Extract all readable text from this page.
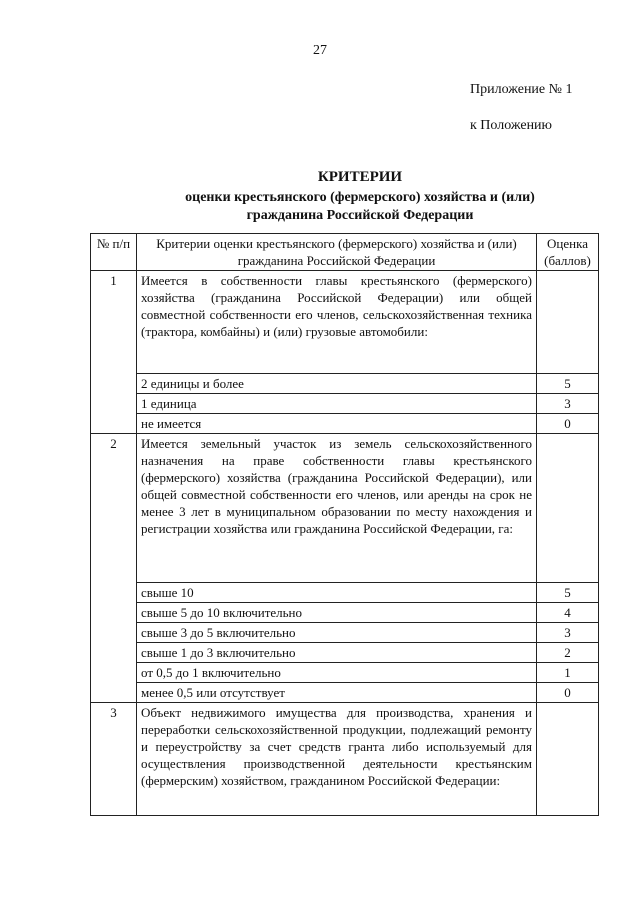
27
Приложение № 1
к Положению
КРИТЕРИИ
оценки крестьянского (фермерского) хозяйства и (или)
гражданина Российской Федерации
№ п/п	Критерии оценки крестьянского (фермерского) хозяйства и (или) гражданина Российской Федерации	Оценка (баллов)
1	Имеется в собственности главы крестьянского (фермерского) хозяйства (гражданина Российской Федерации) или общей совместной собственности его членов, сельскохозяйственная техника (трактора, комбайны) и (или) грузовые автомобили:	
	2 единицы и более	5
	1 единица	3
	не имеется	0
2	Имеется земельный участок из земель сельскохозяйственного назначения на праве собственности главы крестьянского (фермерского) хозяйства (гражданина Российской Федерации), или общей совместной собственности его членов, или аренды на срок не менее 3 лет в муниципальном образовании по месту нахождения и регистрации хозяйства или гражданина Российской Федерации, га:	
	свыше 10	5
	свыше 5 до 10 включительно	4
	свыше 3 до 5 включительно	3
	свыше 1 до 3 включительно	2
	от 0,5 до 1 включительно	1
	менее 0,5 или отсутствует	0
3	Объект недвижимого имущества для производства, хранения и переработки сельскохозяйственной продукции, подлежащий ремонту и переустройству за счет средств гранта либо используемый для осуществления производственной деятельности крестьянским (фермерским) хозяйством, гражданином Российской Федерации:	
